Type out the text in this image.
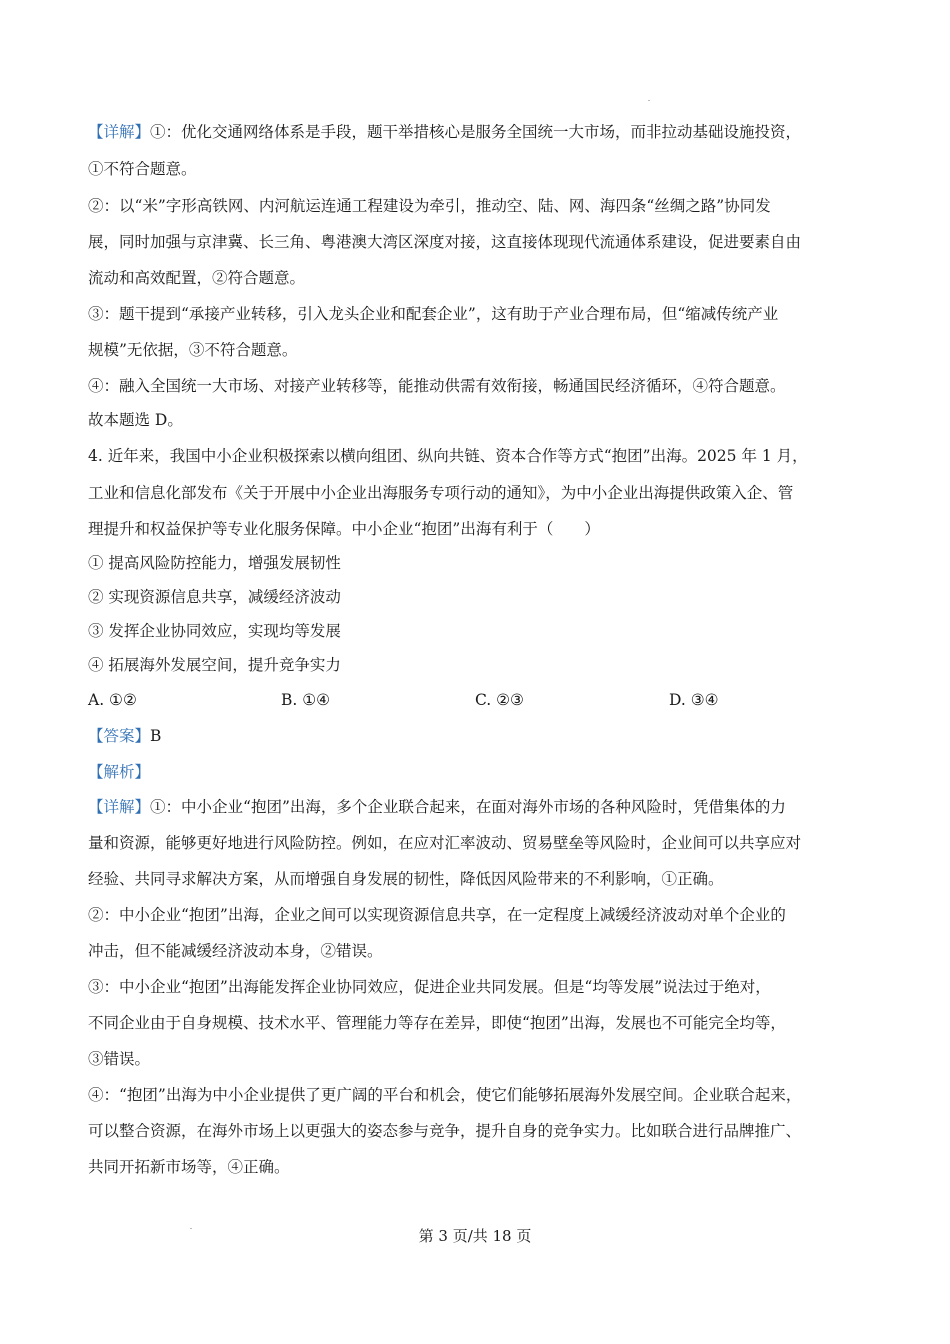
【详解】①：优化交通网络体系是手段，题干举措核心是服务全国统一大市场，而非拉动基础设施投资，
①不符合题意。
②：以“米”字形高铁网、内河航运连通工程建设为牵引，推动空、陆、网、海四条“丝绸之路”协同发
展，同时加强与京津冀、长三角、粤港澳大湾区深度对接，这直接体现现代流通体系建设，促进要素自由
流动和高效配置，②符合题意。
③：题干提到“承接产业转移，引入龙头企业和配套企业”，这有助于产业合理布局，但“缩减传统产业
规模”无依据，③不符合题意。
④：融入全国统一大市场、对接产业转移等，能推动供需有效衔接，畅通国民经济循环，④符合题意。
故本题选 D。
4. 近年来，我国中小企业积极探索以横向组团、纵向共链、资本合作等方式“抱团”出海。2025 年 1 月，
工业和信息化部发布《关于开展中小企业出海服务专项行动的通知》，为中小企业出海提供政策入企、管
理提升和权益保护等专业化服务保障。中小企业“抱团”出海有利于（　　）
① 提高风险防控能力，增强发展韧性
② 实现资源信息共享，减缓经济波动
③ 发挥企业协同效应，实现均等发展
④ 拓展海外发展空间，提升竞争实力
A. ①②	B. ①④	C. ②③	D. ③④
【答案】B
【解析】
【详解】①：中小企业“抱团”出海，多个企业联合起来，在面对海外市场的各种风险时，凭借集体的力
量和资源，能够更好地进行风险防控。例如，在应对汇率波动、贸易壁垒等风险时，企业间可以共享应对
经验、共同寻求解决方案，从而增强自身发展的韧性，降低因风险带来的不利影响，①正确。
②：中小企业“抱团”出海，企业之间可以实现资源信息共享，在一定程度上减缓经济波动对单个企业的
冲击，但不能减缓经济波动本身，②错误。
③：中小企业“抱团”出海能发挥企业协同效应，促进企业共同发展。但是“均等发展”说法过于绝对，
不同企业由于自身规模、技术水平、管理能力等存在差异，即使“抱团”出海，发展也不可能完全均等，
③错误。
④：“抱团”出海为中小企业提供了更广阔的平台和机会，使它们能够拓展海外发展空间。企业联合起来，
可以整合资源，在海外市场上以更强大的姿态参与竞争，提升自身的竞争实力。比如联合进行品牌推广、
共同开拓新市场等，④正确。
第 3 页/共 18 页
